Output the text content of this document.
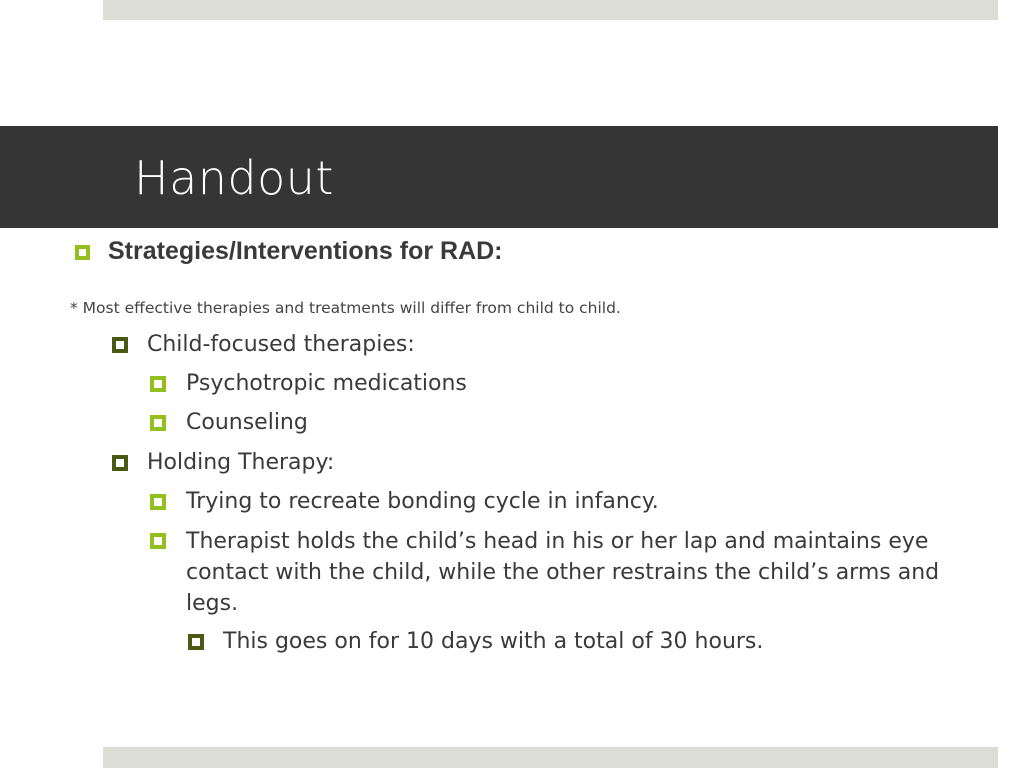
Handout
Strategies/Interventions for RAD:
* Most effective therapies and treatments will differ from child to child.
Child-focused therapies:
Psychotropic medications
Counseling
Holding Therapy:
Trying to recreate bonding cycle in infancy.
Therapist holds the child’s head in his or her lap and maintains eye contact with the child, while the other restrains the child’s arms and legs.
This goes on for 10 days with a total of 30 hours.
